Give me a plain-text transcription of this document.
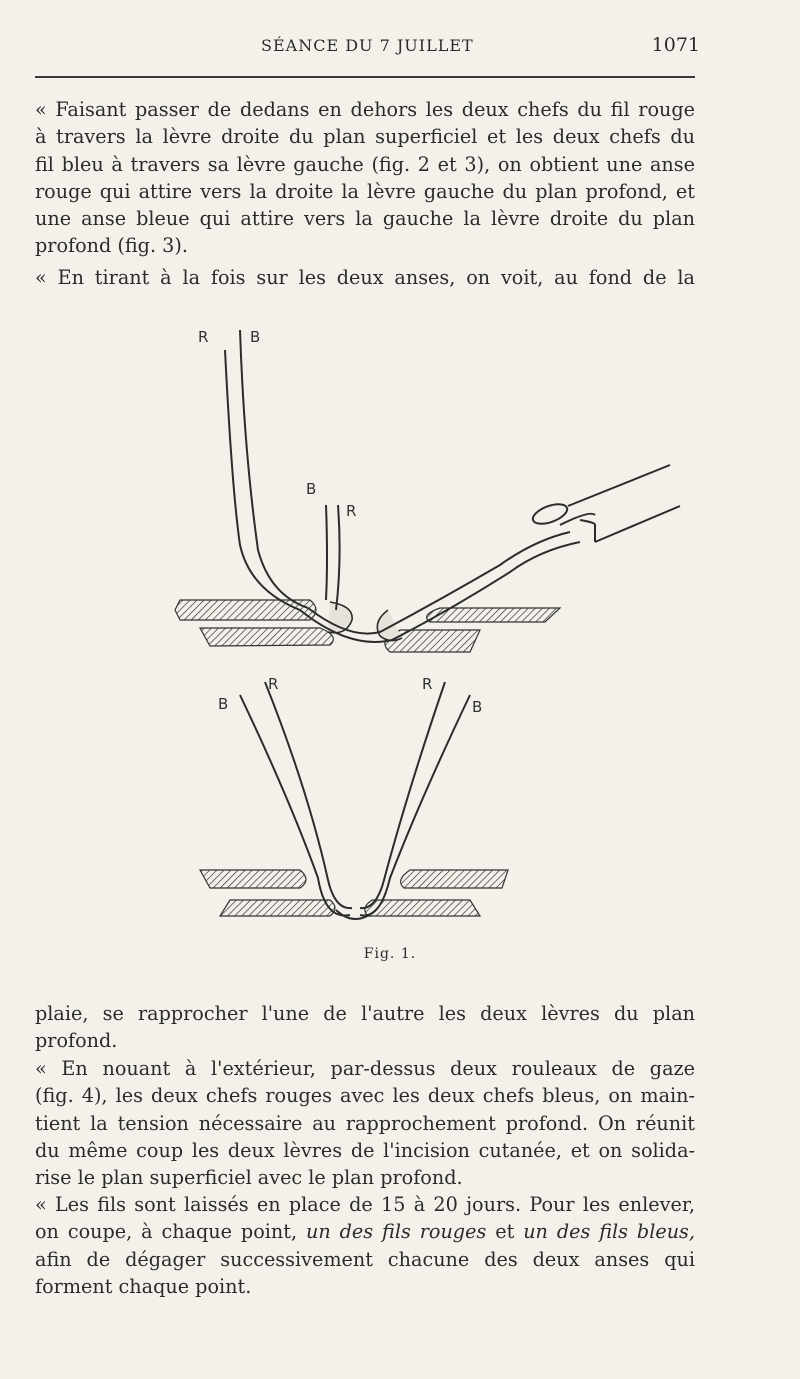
SÉANCE DU 7 JUILLET	1071
« Faisant passer de dedans en dehors les deux chefs du fil rouge
à travers la lèvre droite du plan superficiel et les deux chefs du
fil bleu à travers sa lèvre gauche (fig. 2 et 3), on obtient une anse
rouge qui attire vers la droite la lèvre gauche du plan profond, et
une anse bleue qui attire vers la gauche la lèvre droite du plan
profond (fig. 3).
« En tirant à la fois sur les deux anses, on voit, au fond de la
R	B
B
R
B
R	R
B
Fig. 1.
plaie, se rapprocher l'une de l'autre les deux lèvres du plan
profond.
« En nouant à l'extérieur, par-dessus deux rouleaux de gaze
(fig. 4), les deux chefs rouges avec les deux chefs bleus, on main-
tient la tension nécessaire au rapprochement profond. On réunit
du même coup les deux lèvres de l'incision cutanée, et on solida-
rise le plan superficiel avec le plan profond.
« Les fils sont laissés en place de 15 à 20 jours. Pour les enlever,
on coupe, à chaque point, un des fils rouges et un des fils bleus,
afin de dégager successivement chacune des deux anses qui
forment chaque point.
